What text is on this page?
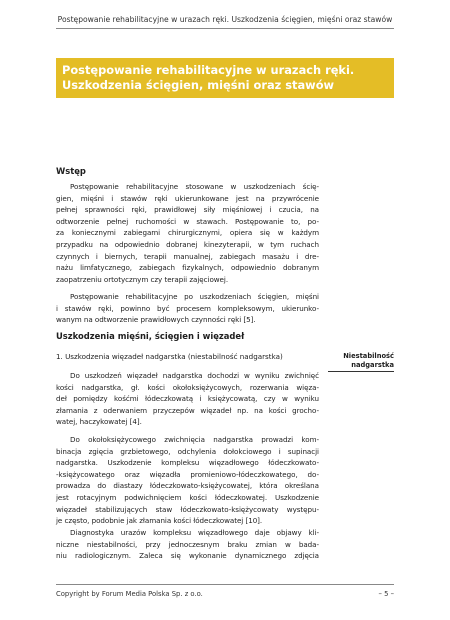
Postępowanie rehabilitacyjne w urazach ręki. Uszkodzenia ścięgien, mięśni oraz stawów
Postępowanie rehabilitacyjne w urazach ręki.
Uszkodzenia ścięgien, mięśni oraz stawów
Wstęp

Postępowanie rehabilitacyjne stosowane w uszkodzeniach ścię-
gien, mięśni i stawów ręki ukierunkowane jest na przywrócenie
pełnej sprawności ręki, prawidłowej siły mięśniowej i czucia, na
odtworzenie pełnej ruchomości w stawach. Postępowanie to, po-
za koniecznymi zabiegami chirurgicznymi, opiera się w każdym
przypadku na odpowiednio dobranej kinezyterapii, w tym ruchach
czynnych i biernych, terapii manualnej, zabiegach masażu i dre-
nażu limfatycznego, zabiegach fizykalnych, odpowiednio dobranym
zaopatrzeniu ortotycznym czy terapii zajęciowej.

Postępowanie rehabilitacyjne po uszkodzeniach ścięgien, mięśni
i stawów ręki, powinno być procesem kompleksowym, ukierunko-
wanym na odtworzenie prawidłowych czynności ręki [5].

Uszkodzenia mięśni, ścięgien i więzadeł
1. Uszkodzenia więzadeł nadgarstka (niestabilność nadgarstka)	Niestabilność
nadgarstka

Do uszkodzeń więzadeł nadgarstka dochodzi w wyniku zwichnięć
kości nadgarstka, gł. kości okołoksiężycowych, rozerwania więza-
deł pomiędzy kośćmi łódeczkowatą i księżycowatą, czy w wyniku
złamania z oderwaniem przyczepów więzadeł np. na kości grocho-
watej, haczykowatej [4].

Do okołoksiężycowego zwichnięcia nadgarstka prowadzi kom-
binacja zgięcia grzbietowego, odchylenia dołokciowego i supinacji
nadgarstka. Uszkodzenie kompleksu więzadłowego łódeczkowato-
-księżycowatego oraz więzadła promieniowo-łódeczkowatego, do-
prowadza do diastazy łódeczkowato-księżycowatej, która określana
jest rotacyjnym podwichnięciem kości łódeczkowatej. Uszkodzenie
więzadeł stabilizujących staw łódeczkowato-księżycowaty występu-
je często, podobnie jak złamania kości łódeczkowatej [10].

Diagnostyka urazów kompleksu więzadłowego daje objawy kli-
niczne niestabilności, przy jednoczesnym braku zmian w bada-
niu radiologicznym. Zaleca się wykonanie dynamicznego zdjęcia

Copyright by Forum Media Polska Sp. z o.o.	– 5 –
